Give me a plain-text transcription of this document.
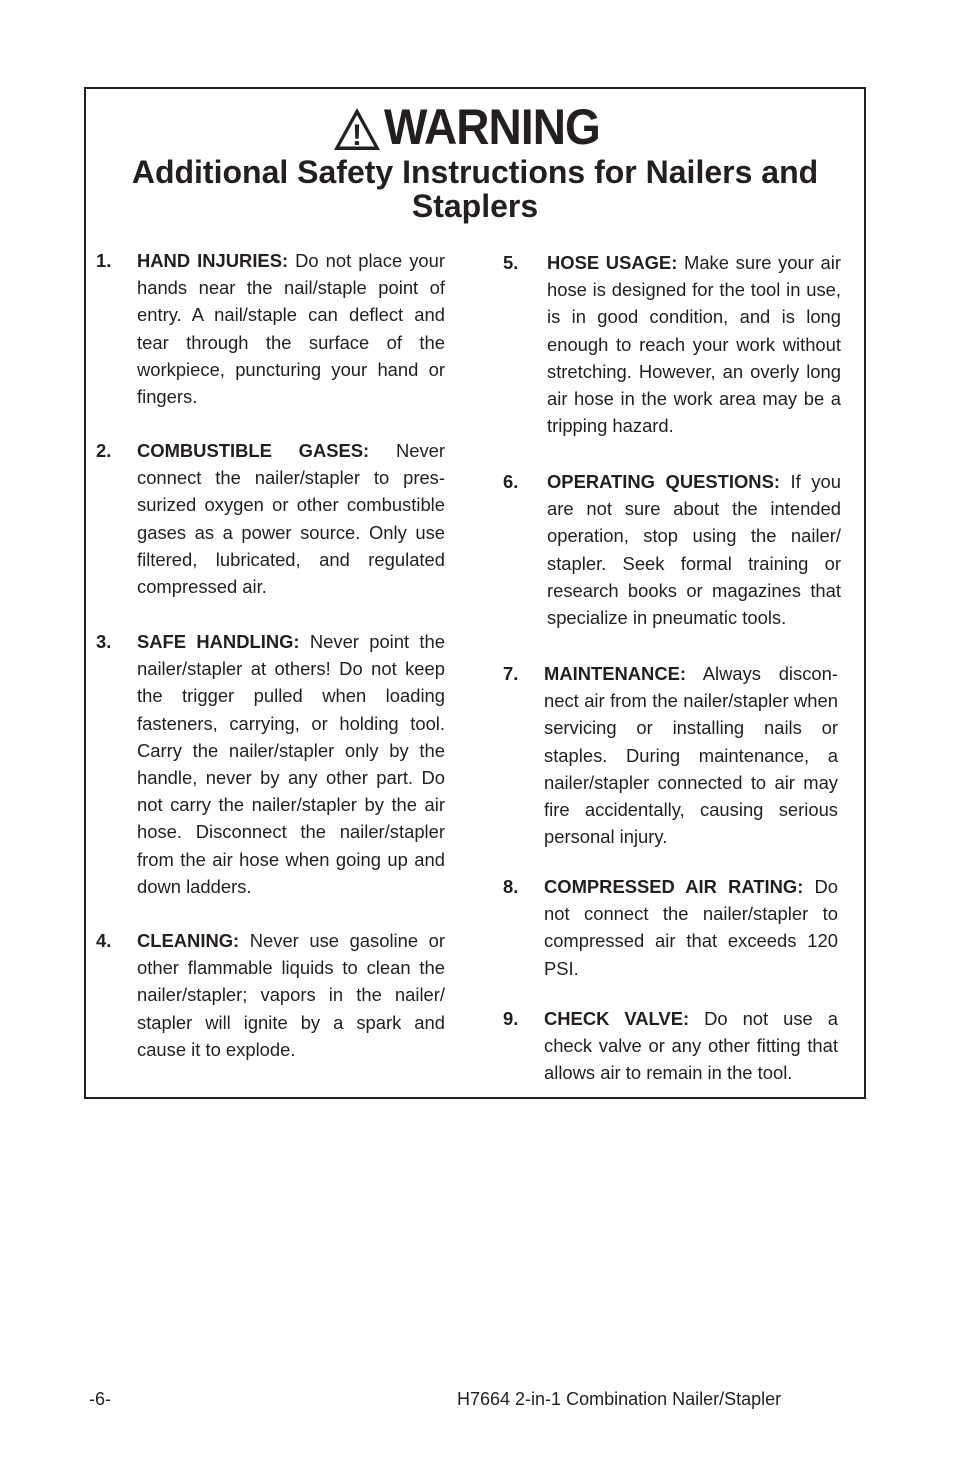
! WARNING
Additional Safety Instructions for Nailers and Staplers
1. HAND INJURIES: Do not place your hands near the nail/staple point of entry. A nail/staple can deflect and tear through the surface of the workpiece, puncturing your hand or fingers.
2. COMBUSTIBLE GASES: Never connect the nailer/stapler to pressurized oxygen or other combustible gases as a power source. Only use filtered, lubricated, and regulated compressed air.
3. SAFE HANDLING: Never point the nailer/stapler at others! Do not keep the trigger pulled when loading fasteners, carrying, or holding tool. Carry the nailer/stapler only by the handle, never by any other part. Do not carry the nailer/stapler by the air hose. Disconnect the nailer/stapler from the air hose when going up and down ladders.
4. CLEANING: Never use gasoline or other flammable liquids to clean the nailer/stapler; vapors in the nailer/ stapler will ignite by a spark and cause it to explode.
5. HOSE USAGE: Make sure your air hose is designed for the tool in use, is in good condition, and is long enough to reach your work without stretching. However, an overly long air hose in the work area may be a tripping hazard.
6. OPERATING QUESTIONS: If you are not sure about the intended operation, stop using the nailer/ stapler. Seek formal training or research books or magazines that specialize in pneumatic tools.
7. MAINTENANCE: Always disconnect air from the nailer/stapler when servicing or installing nails or staples. During maintenance, a nailer/stapler connected to air may fire accidentally, causing serious personal injury.
8. COMPRESSED AIR RATING: Do not connect the nailer/stapler to compressed air that exceeds 120 PSI.
9. CHECK VALVE: Do not use a check valve or any other fitting that allows air to remain in the tool.
-6-	H7664 2-in-1 Combination Nailer/Stapler
